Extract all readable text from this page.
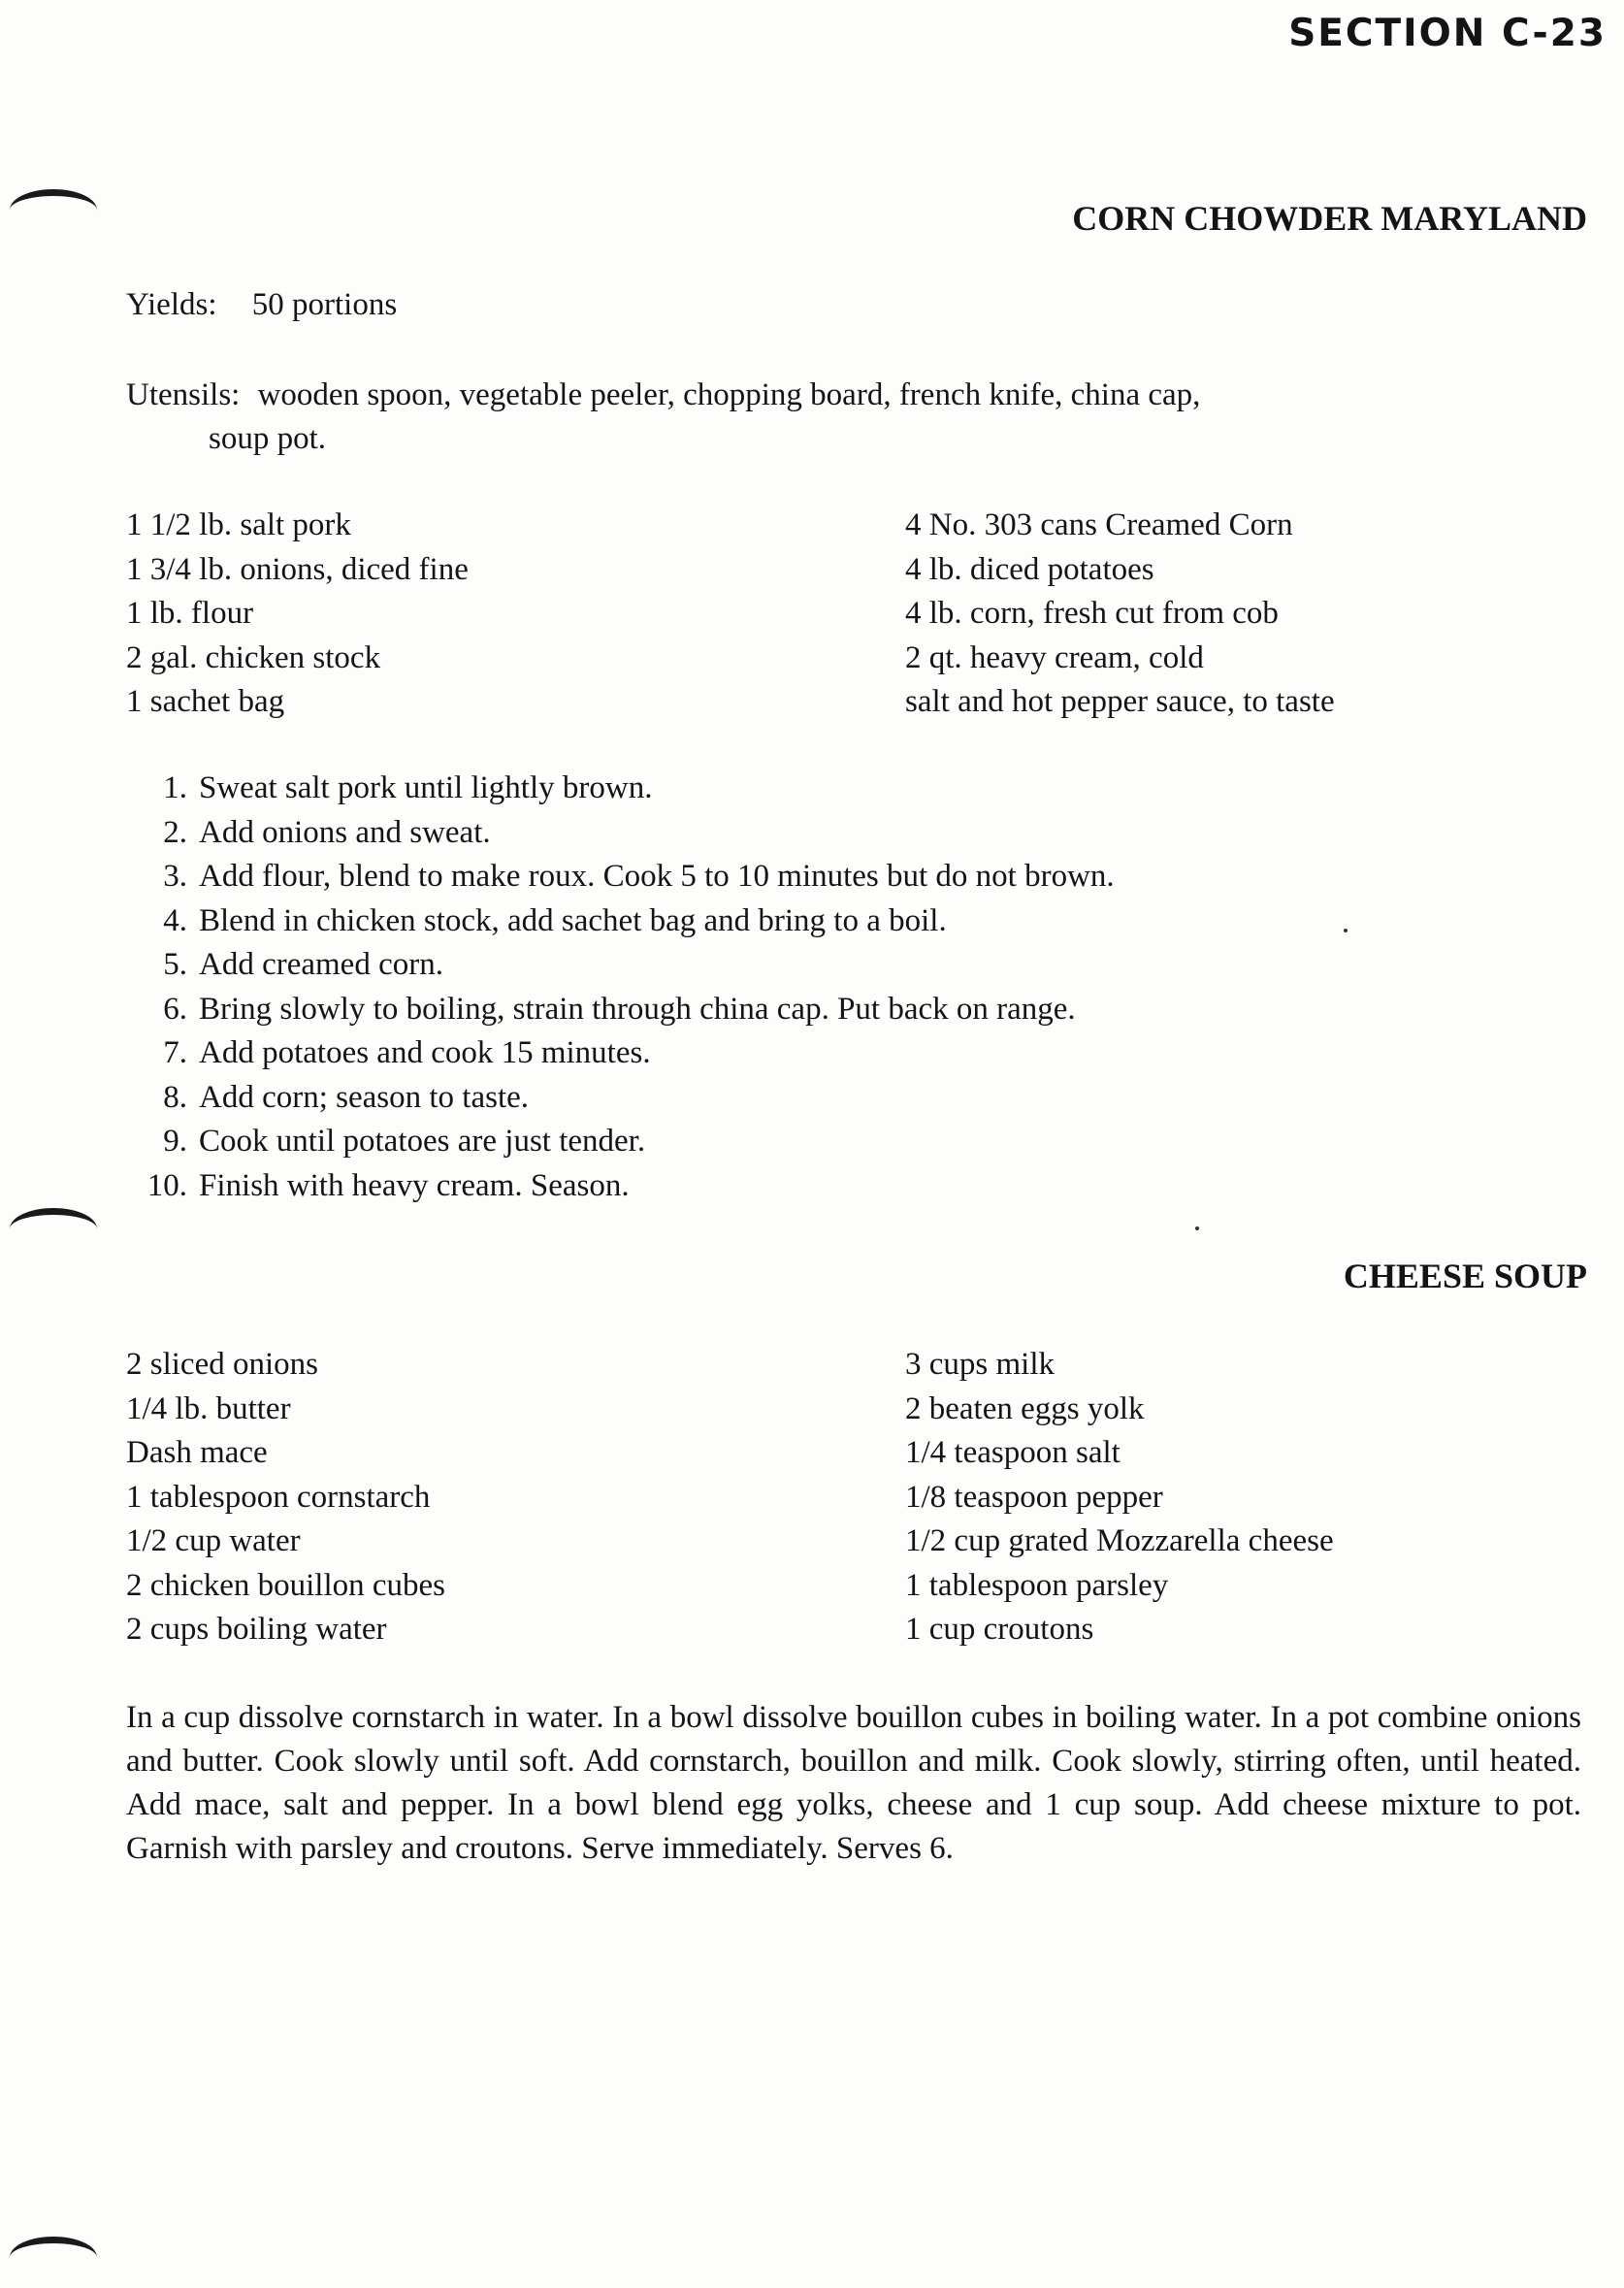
SECTION C-23
CORN CHOWDER MARYLAND
Yields: 50 portions
Utensils: wooden spoon, vegetable peeler, chopping board, french knife, china cap,
soup pot.
1 1/2 lb. salt pork
1 3/4 lb. onions, diced fine
1 lb. flour
2 gal. chicken stock
1 sachet bag
4 No. 303 cans Creamed Corn
4 lb. diced potatoes
4 lb. corn, fresh cut from cob
2 qt. heavy cream, cold
salt and hot pepper sauce, to taste
1. Sweat salt pork until lightly brown.
2. Add onions and sweat.
3. Add flour, blend to make roux. Cook 5 to 10 minutes but do not brown.
4. Blend in chicken stock, add sachet bag and bring to a boil.
5. Add creamed corn.
6. Bring slowly to boiling, strain through china cap. Put back on range.
7. Add potatoes and cook 15 minutes.
8. Add corn; season to taste.
9. Cook until potatoes are just tender.
10. Finish with heavy cream. Season.
CHEESE SOUP
2 sliced onions
1/4 lb. butter
Dash mace
1 tablespoon cornstarch
1/2 cup water
2 chicken bouillon cubes
2 cups boiling water
3 cups milk
2 beaten eggs yolk
1/4 teaspoon salt
1/8 teaspoon pepper
1/2 cup grated Mozzarella cheese
1 tablespoon parsley
1 cup croutons
In a cup dissolve cornstarch in water. In a bowl dissolve bouillon cubes in boiling water. In a pot combine onions and butter. Cook slowly until soft. Add cornstarch, bouillon and milk. Cook slowly, stirring often, until heated. Add mace, salt and pepper. In a bowl blend egg yolks, cheese and 1 cup soup. Add cheese mixture to pot. Garnish with parsley and croutons. Serve immediately. Serves 6.
